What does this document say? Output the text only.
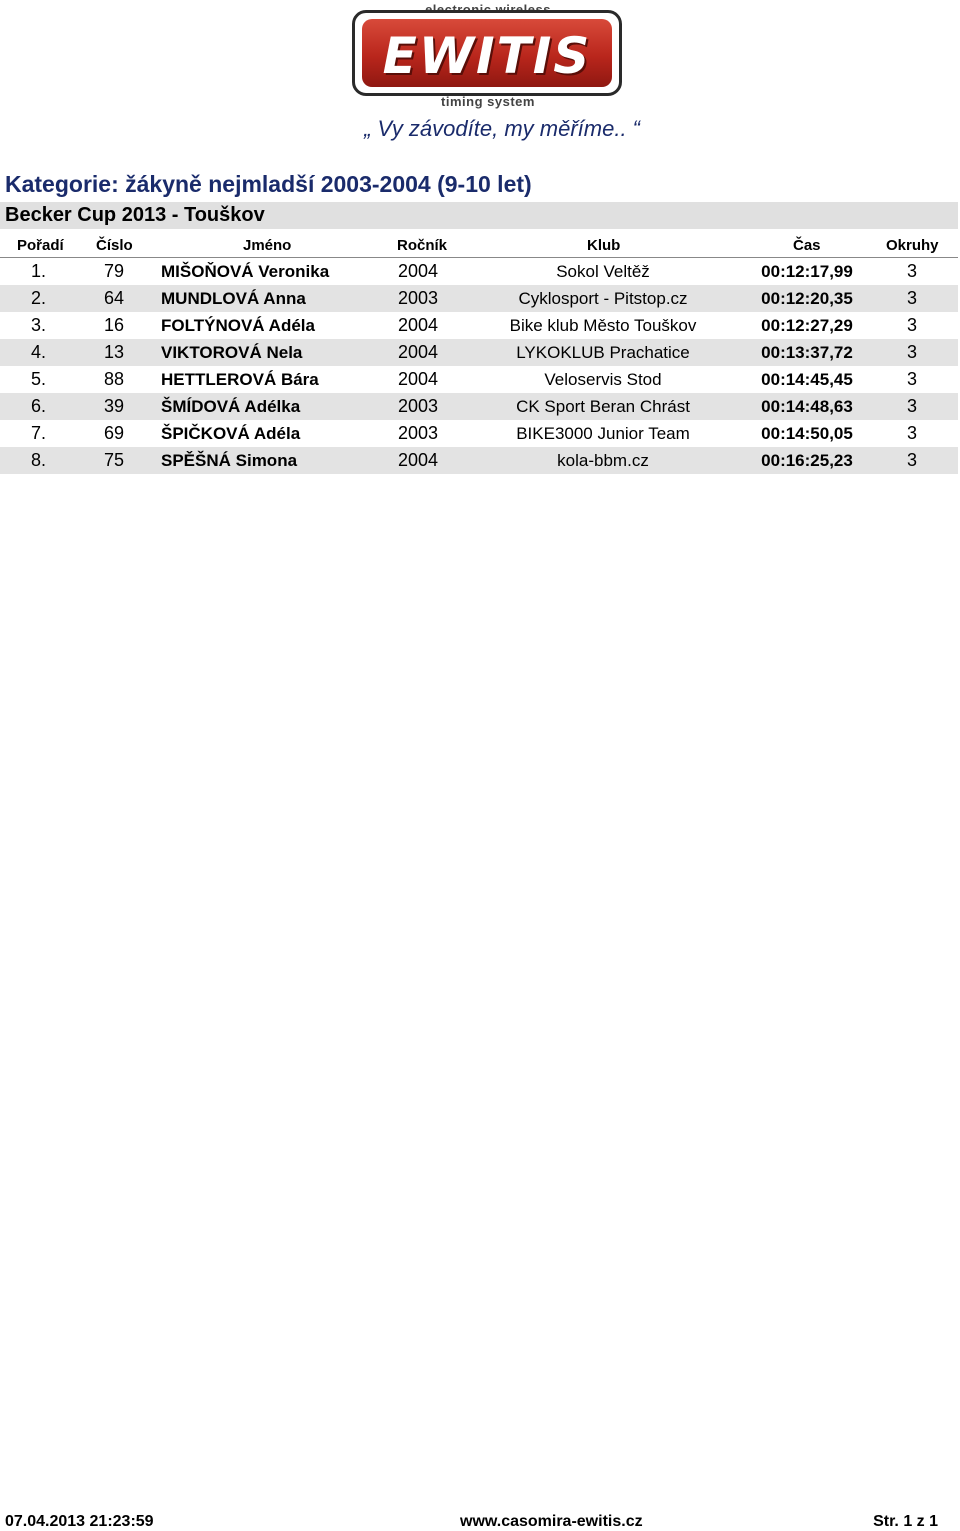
EWITIS
timing system
„ Vy závodíte, my měříme.. “
Kategorie: žákyně nejmladší 2003-2004 (9-10 let)
Becker Cup 2013 - Touškov
Pořadí Číslo	Jméno	Ročník	Klub	Čas	Okruhy
1.	79 MIŠOŇOVÁ Veronika	2004	Sokol Veltěž	00:12:17,99	3
2.	64 MUNDLOVÁ Anna	2003	Cyklosport - Pitstop.cz	00:12:20,35	3
3.	16 FOLTÝNOVÁ Adéla	2004	Bike klub Město Touškov	00:12:27,29	3
4.	13 VIKTOROVÁ Nela	2004	LYKOKLUB Prachatice	00:13:37,72	3
5.	88 HETTLEROVÁ Bára	2004	Veloservis Stod	00:14:45,45	3
6.	39 ŠMÍDOVÁ Adélka	2003	CK Sport Beran Chrást	00:14:48,63	3
7.	69 ŠPIČKOVÁ Adéla	2003	BIKE3000 Junior Team	00:14:50,05	3
8.	75 SPĚŠNÁ Simona	2004	kola-bbm.cz	00:16:25,23	3
07.04.2013 21:23:59	www.casomira-ewitis.cz	Str. 1 z 1
